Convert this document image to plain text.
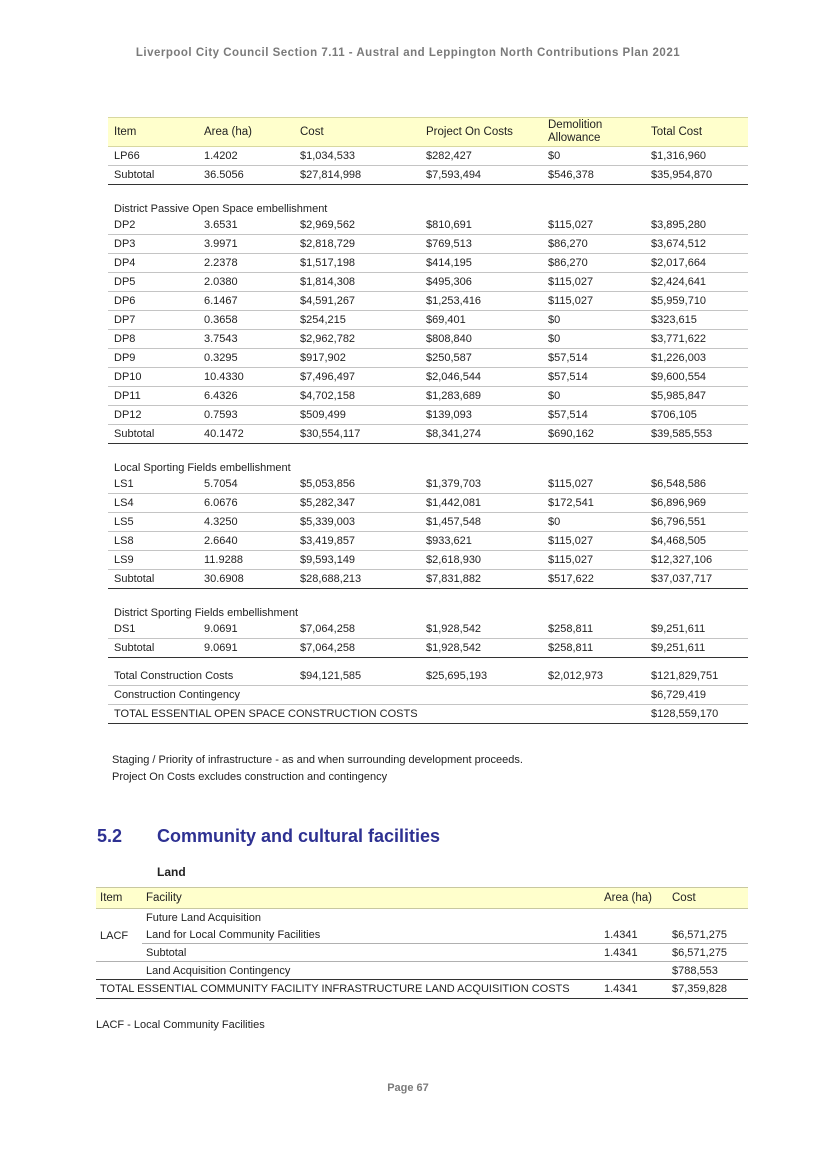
Liverpool City Council Section 7.11 - Austral and Leppington North Contributions Plan 2021
Item	Area (ha)	Cost	Project On Costs	Demolition Allowance	Total Cost
LP66	1.4202	$1,034,533	$282,427	$0	$1,316,960
Subtotal	36.5056	$27,814,998	$7,593,494	$546,378	$35,954,870

District Passive Open Space embellishment					
DP2	3.6531	$2,969,562	$810,691	$115,027	$3,895,280
DP3	3.9971	$2,818,729	$769,513	$86,270	$3,674,512
DP4	2.2378	$1,517,198	$414,195	$86,270	$2,017,664
DP5	2.0380	$1,814,308	$495,306	$115,027	$2,424,641
DP6	6.1467	$4,591,267	$1,253,416	$115,027	$5,959,710
DP7	0.3658	$254,215	$69,401	$0	$323,615
DP8	3.7543	$2,962,782	$808,840	$0	$3,771,622
DP9	0.3295	$917,902	$250,587	$57,514	$1,226,003
DP10	10.4330	$7,496,497	$2,046,544	$57,514	$9,600,554
DP11	6.4326	$4,702,158	$1,283,689	$0	$5,985,847
DP12	0.7593	$509,499	$139,093	$57,514	$706,105
Subtotal	40.1472	$30,554,117	$8,341,274	$690,162	$39,585,553

Local Sporting Fields embellishment					
LS1	5.7054	$5,053,856	$1,379,703	$115,027	$6,548,586
LS4	6.0676	$5,282,347	$1,442,081	$172,541	$6,896,969
LS5	4.3250	$5,339,003	$1,457,548	$0	$6,796,551
LS8	2.6640	$3,419,857	$933,621	$115,027	$4,468,505
LS9	11.9288	$9,593,149	$2,618,930	$115,027	$12,327,106
Subtotal	30.6908	$28,688,213	$7,831,882	$517,622	$37,037,717

District Sporting Fields embellishment					
DS1	9.0691	$7,064,258	$1,928,542	$258,811	$9,251,611
Subtotal	9.0691	$7,064,258	$1,928,542	$258,811	$9,251,611

Total Construction Costs		$94,121,585	$25,695,193	$2,012,973	$121,829,751
Construction Contingency					$6,729,419
TOTAL ESSENTIAL OPEN SPACE CONSTRUCTION COSTS					$128,559,170
Staging / Priority of infrastructure - as and when surrounding development proceeds.
Project On Costs excludes construction and contingency
5.2 Community and cultural facilities
Land
Item	Facility	Area (ha)	Cost
LACF	Future Land Acquisition		
	Land for Local Community Facilities	1.4341	$6,571,275
	Subtotal	1.4341	$6,571,275
	Land Acquisition Contingency		$788,553
TOTAL ESSENTIAL COMMUNITY FACILITY INFRASTRUCTURE LAND ACQUISITION COSTS		1.4341	$7,359,828
LACF - Local Community Facilities
Page 67
